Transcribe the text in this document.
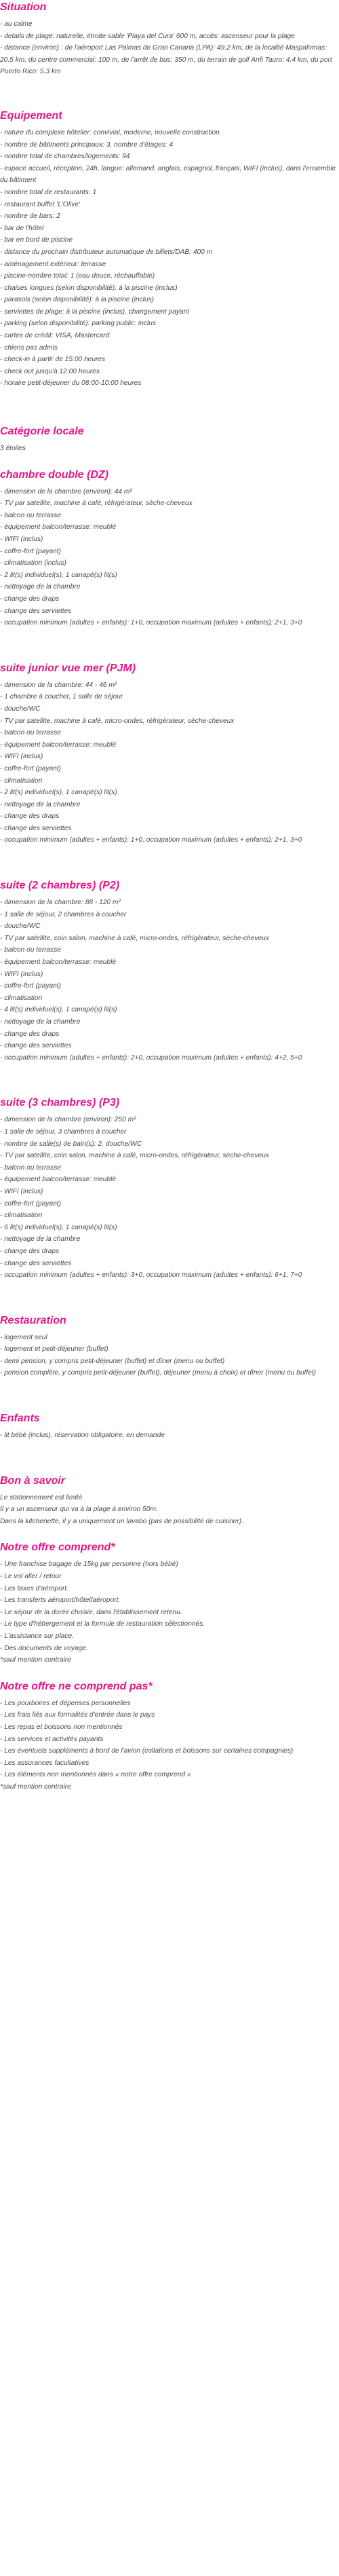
Situation
- au calme
- details de plage: naturelle, étroite sable 'Playa del Cura' 600 m, accès: ascenseur pour la plage
- distance (environ) : de l'aéroport Las Palmas de Gran Canaria (LPA): 49.2 km, de la localité Maspalomas: 20.5 km, du centre commercial: 100 m, de l'arrêt de bus: 350 m, du terrain de golf Anfi Tauro: 4.4 km, du port Puerto Rico: 5.3 km
Equipement
- nature du complexe hôtelier: convivial, moderne, nouvelle construction
- nombre de bâtiments principaux: 3, nombre d'étages: 4
- nombre total de chambres/logements: 94
- espace accueil, réception, 24h, langue: allemand, anglais, espagnol, français, WIFI (inclus), dans l'ensemble du bâtiment
- nombre total de restaurants: 1
- restaurant buffet 'L'Olive'
- nombre de bars: 2
- bar de l'hôtel
- bar en bord de piscine
- distance du prochain distributeur automatique de billets/DAB: 400 m
- aménagement extérieur: terrasse
- piscine-nombre total: 1 (eau douce, réchauffable)
- chaises longues (selon disponibilité): à la piscine (inclus)
- parasols (selon disponibilité): à la piscine (inclus)
- serviettes de plage: à la piscine (inclus), changement payant
- parking (selon disponibilité): parking public: inclus
- cartes de crédit: VISA, Mastercard
- chiens pas admis
- check-in à partir de 15:00 heures
- check out jusqu'à 12:00 heures
- horaire petit-déjeuner du 08:00-10:00 heures
Catégorie locale

3 étoiles

chambre double (DZ)
- dimension de la chambre (environ): 44 m²
- TV par satellite, machine à café, réfrigérateur, sèche-cheveux
- balcon ou terrasse
- équipement balcon/terrasse: meublé
- WIFI (inclus)
- coffre-fort (payant)
- climatisation (inclus)
- 2 lit(s) individuel(s), 1 canapé(s) lit(s)
- nettoyage de la chambre
- change des draps
- change des serviettes
- occupation minimum (adultes + enfants): 1+0, occupation maximum (adultes + enfants): 2+1, 3+0
suite junior vue mer (PJM)
- dimension de la chambre: 44 - 46 m²
- 1 chambre à coucher, 1 salle de séjour
- douche/WC
- TV par satellite, machine à café, micro-ondes, réfrigérateur, sèche-cheveux
- balcon ou terrasse
- équipement balcon/terrasse: meublé
- WIFI (inclus)
- coffre-fort (payant)
- climatisation
- 2 lit(s) individuel(s), 1 canapé(s) lit(s)
- nettoyage de la chambre
- change des draps
- change des serviettes
- occupation minimum (adultes + enfants): 1+0, occupation maximum (adultes + enfants): 2+1, 3+0
suite (2 chambres) (P2)
- dimension de la chambre: 88 - 120 m²
- 1 salle de séjour, 2 chambres à coucher
- douche/WC
- TV par satellite, coin salon, machine à café, micro-ondes, réfrigérateur, sèche-cheveux
- balcon ou terrasse
- équipement balcon/terrasse: meublé
- WIFI (inclus)
- coffre-fort (payant)
- climatisation
- 4 lit(s) individuel(s), 1 canapé(s) lit(s)
- nettoyage de la chambre
- change des draps
- change des serviettes
- occupation minimum (adultes + enfants): 2+0, occupation maximum (adultes + enfants): 4+2, 5+0
suite (3 chambres) (P3)
- dimension de la chambre (environ): 250 m²
- 1 salle de séjour, 3 chambres à coucher
- nombre de salle(s) de bain(s): 2, douche/WC
- TV par satellite, coin salon, machine à café, micro-ondes, réfrigérateur, sèche-cheveux
- balcon ou terrasse
- équipement balcon/terrasse: meublé
- WIFI (inclus)
- coffre-fort (payant)
- climatisation
- 6 lit(s) individuel(s), 1 canapé(s) lit(s)
- nettoyage de la chambre
- change des draps
- change des serviettes
- occupation minimum (adultes + enfants): 3+0, occupation maximum (adultes + enfants): 6+1, 7+0
Restauration
- logement seul
- logement et petit-déjeuner (buffet)
- demi pension, y compris petit-déjeuner (buffet) et dîner (menu ou buffet)
- pension complète, y compris petit-déjeuner (buffet), déjeuner (menu à choix) et dîner (menu ou buffet)
Enfants
- lit bébé (inclus), réservation obligatoire, en demande
Bon à savoir
Le stationnement est limité.
Il y a un ascenseur qui va à la plage à environ 50m.
Dans la kitchenette, il y a uniquement un lavabo (pas de possibilité de cuisiner).
Notre offre comprend*
- Une franchise bagage de 15kg par personne (hors bébé)
- Le vol aller / retour
- Les taxes d'aéroport.
- Les transferts aéroport/hôtel/aéroport.
- Le séjour de la durée choisie, dans l'établissement retenu.
- Le type d'hébergement et la formule de restauration sélectionnés.
- L'assistance sur place.
- Des documents de voyage.
*sauf mention contraire
Notre offre ne comprend pas*
- Les pourboires et dépenses personnelles
- Les frais liés aux formalités d'entrée dans le pays
- Les repas et boissons non mentionnés
- Les services et activités payants
- Les éventuels suppléments à bord de l'avion (collations et boissons sur certaines compagnies)
- Les assurances facultatives
- Les éléments non mentionnés dans « notre offre comprend »
*sauf mention contraire
